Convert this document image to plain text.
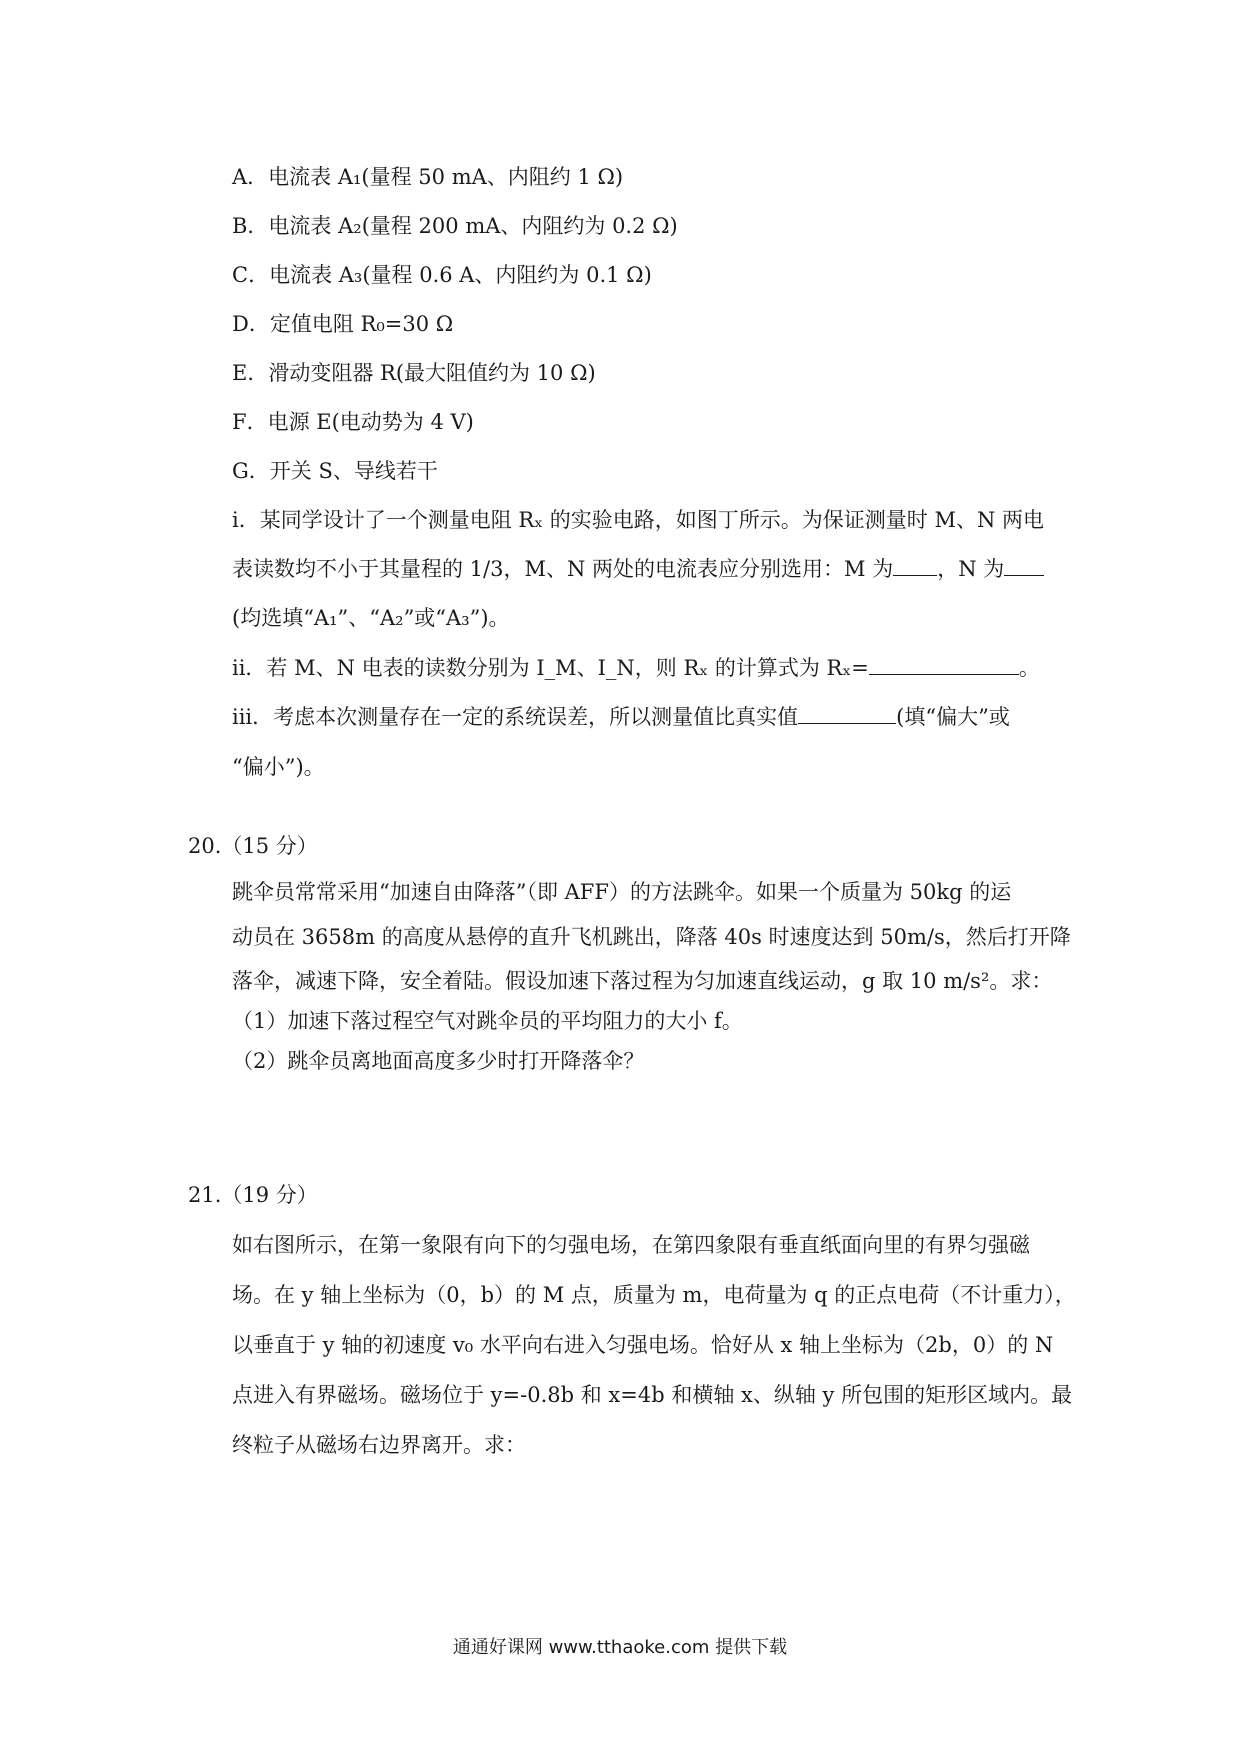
A．电流表 A₁(量程 50 mA、内阻约 1 Ω)
B．电流表 A₂(量程 200 mA、内阻约为 0.2 Ω)
C．电流表 A₃(量程 0.6 A、内阻约为 0.1 Ω)
D．定值电阻 R₀=30 Ω
E．滑动变阻器 R(最大阻值约为 10 Ω)
F．电源 E(电动势为 4 V)
G．开关 S、导线若干
i．某同学设计了一个测量电阻 Rₓ 的实验电路，如图丁所示。为保证测量时 M、N 两电
表读数均不小于其量程的 1/3，M、N 两处的电流表应分别选用：M 为 ，N 为
(均选填“A₁”、“A₂”或“A₃”)。
ii．若 M、N 电表的读数分别为 I_M、I_N，则 Rₓ 的计算式为 Rₓ=	。
iii．考虑本次测量存在一定的系统误差，所以测量值比真实值	(填“偏大”或
“偏小”)。
20.（15 分）
跳伞员常常采用“加速自由降落”（即 AFF）的方法跳伞。如果一个质量为 50kg 的运
动员在 3658m 的高度从悬停的直升飞机跳出，降落 40s 时速度达到 50m/s，然后打开降
落伞，减速下降，安全着陆。假设加速下落过程为匀加速直线运动，g 取 10 m/s²。求：
（1）加速下落过程空气对跳伞员的平均阻力的大小 f。
（2）跳伞员离地面高度多少时打开降落伞？
21.（19 分）
如右图所示，在第一象限有向下的匀强电场，在第四象限有垂直纸面向里的有界匀强磁
场。在 y 轴上坐标为（0，b）的 M 点，质量为 m，电荷量为 q 的正点电荷（不计重力），
以垂直于 y 轴的初速度 v₀ 水平向右进入匀强电场。恰好从 x 轴上坐标为（2b，0）的 N
点进入有界磁场。磁场位于 y=-0.8b 和 x=4b 和横轴 x、纵轴 y 所包围的矩形区域内。最
终粒子从磁场右边界离开。求：
通通好课网 www.tthaoke.com 提供下载
